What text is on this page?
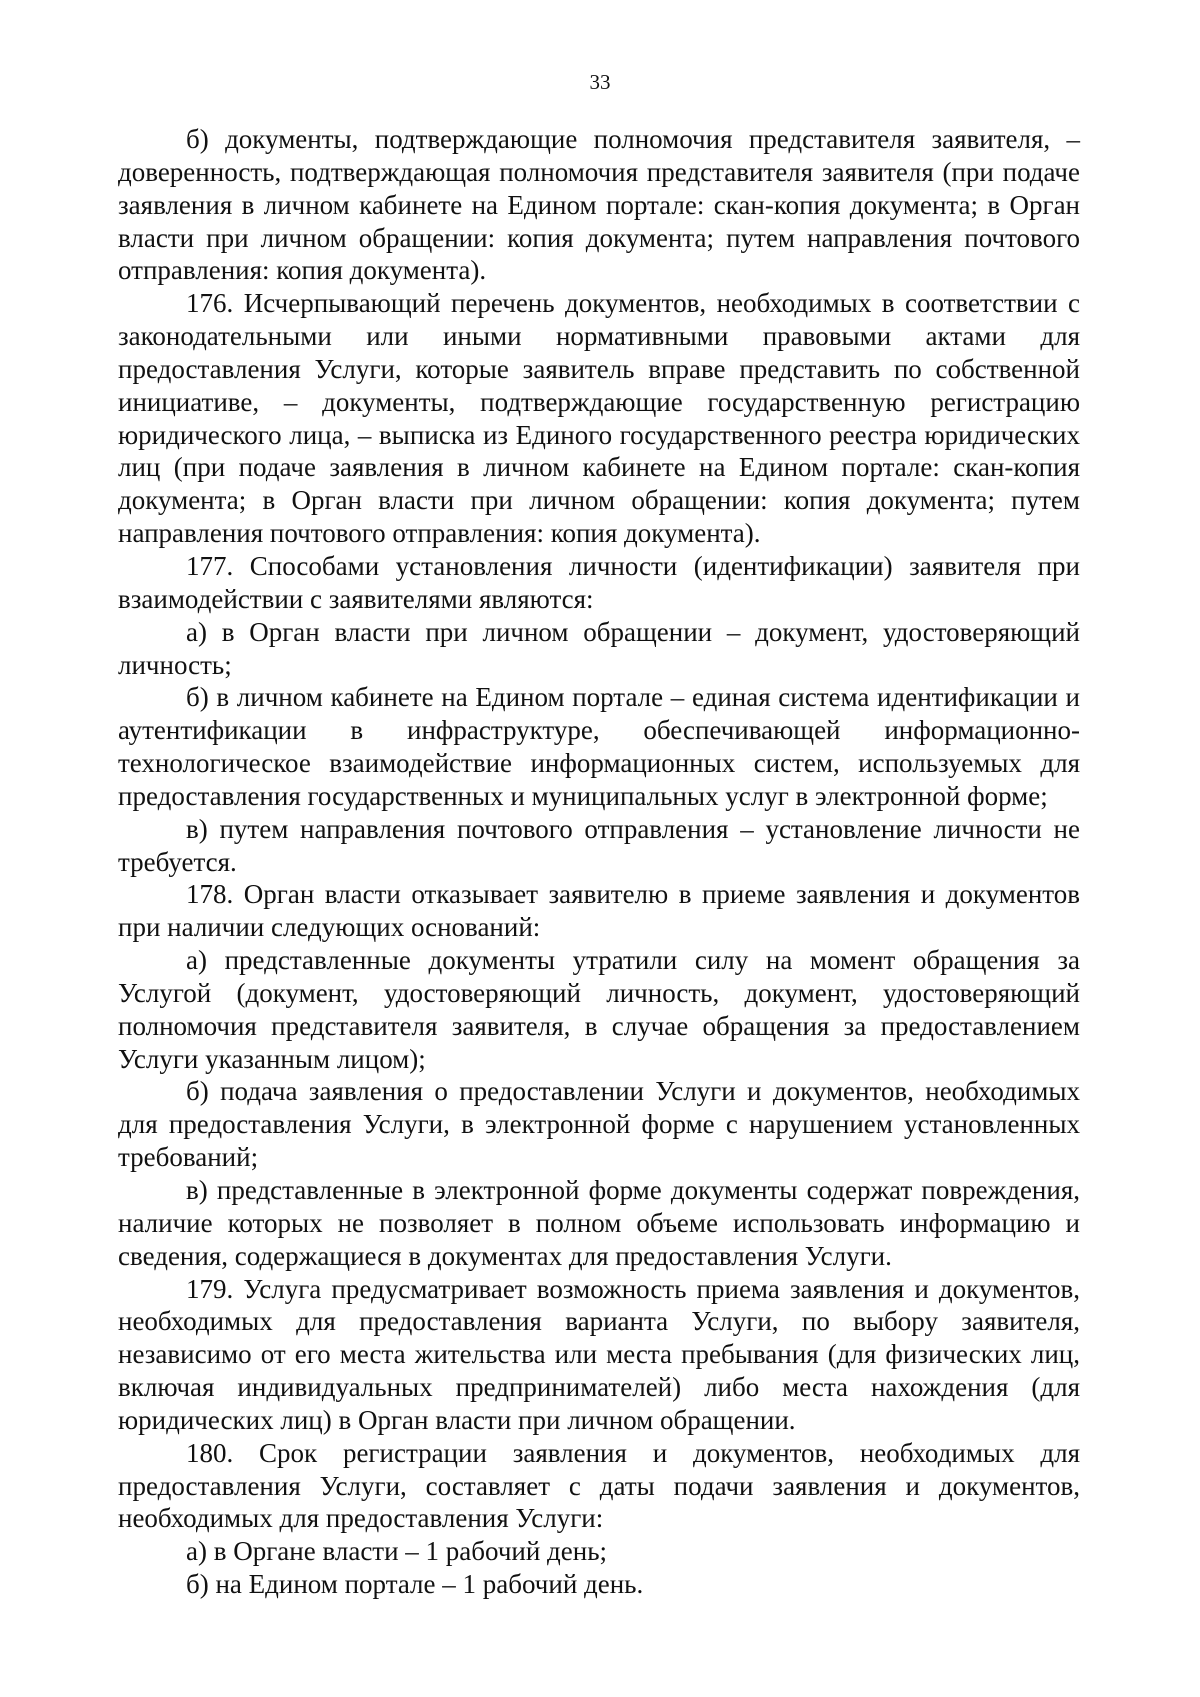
33

б) документы, подтверждающие полномочия представителя заявителя, – доверенность, подтверждающая полномочия представителя заявителя (при подаче заявления в личном кабинете на Едином портале: скан-копия документа; в Орган власти при личном обращении: копия документа; путем направления почтового отправления: копия документа).

176. Исчерпывающий перечень документов, необходимых в соответствии с законодательными или иными нормативными правовыми актами для предоставления Услуги, которые заявитель вправе представить по собственной инициативе, – документы, подтверждающие государственную регистрацию юридического лица, – выписка из Единого государственного реестра юридических лиц (при подаче заявления в личном кабинете на Едином портале: скан-копия документа; в Орган власти при личном обращении: копия документа; путем направления почтового отправления: копия документа).

177. Способами установления личности (идентификации) заявителя при взаимодействии с заявителями являются:

а) в Орган власти при личном обращении – документ, удостоверяющий личность;

б) в личном кабинете на Едином портале – единая система идентификации и аутентификации в инфраструктуре, обеспечивающей информационно-технологическое взаимодействие информационных систем, используемых для предоставления государственных и муниципальных услуг в электронной форме;

в) путем направления почтового отправления – установление личности не требуется.

178. Орган власти отказывает заявителю в приеме заявления и документов при наличии следующих оснований:

а) представленные документы утратили силу на момент обращения за Услугой (документ, удостоверяющий личность, документ, удостоверяющий полномочия представителя заявителя, в случае обращения за предоставлением Услуги указанным лицом);

б) подача заявления о предоставлении Услуги и документов, необходимых для предоставления Услуги, в электронной форме с нарушением установленных требований;

в) представленные в электронной форме документы содержат повреждения, наличие которых не позволяет в полном объеме использовать информацию и сведения, содержащиеся в документах для предоставления Услуги.

179. Услуга предусматривает возможность приема заявления и документов, необходимых для предоставления варианта Услуги, по выбору заявителя, независимо от его места жительства или места пребывания (для физических лиц, включая индивидуальных предпринимателей) либо места нахождения (для юридических лиц) в Орган власти при личном обращении.

180. Срок регистрации заявления и документов, необходимых для предоставления Услуги, составляет с даты подачи заявления и документов, необходимых для предоставления Услуги:

а) в Органе власти – 1 рабочий день;

б) на Едином портале – 1 рабочий день.
